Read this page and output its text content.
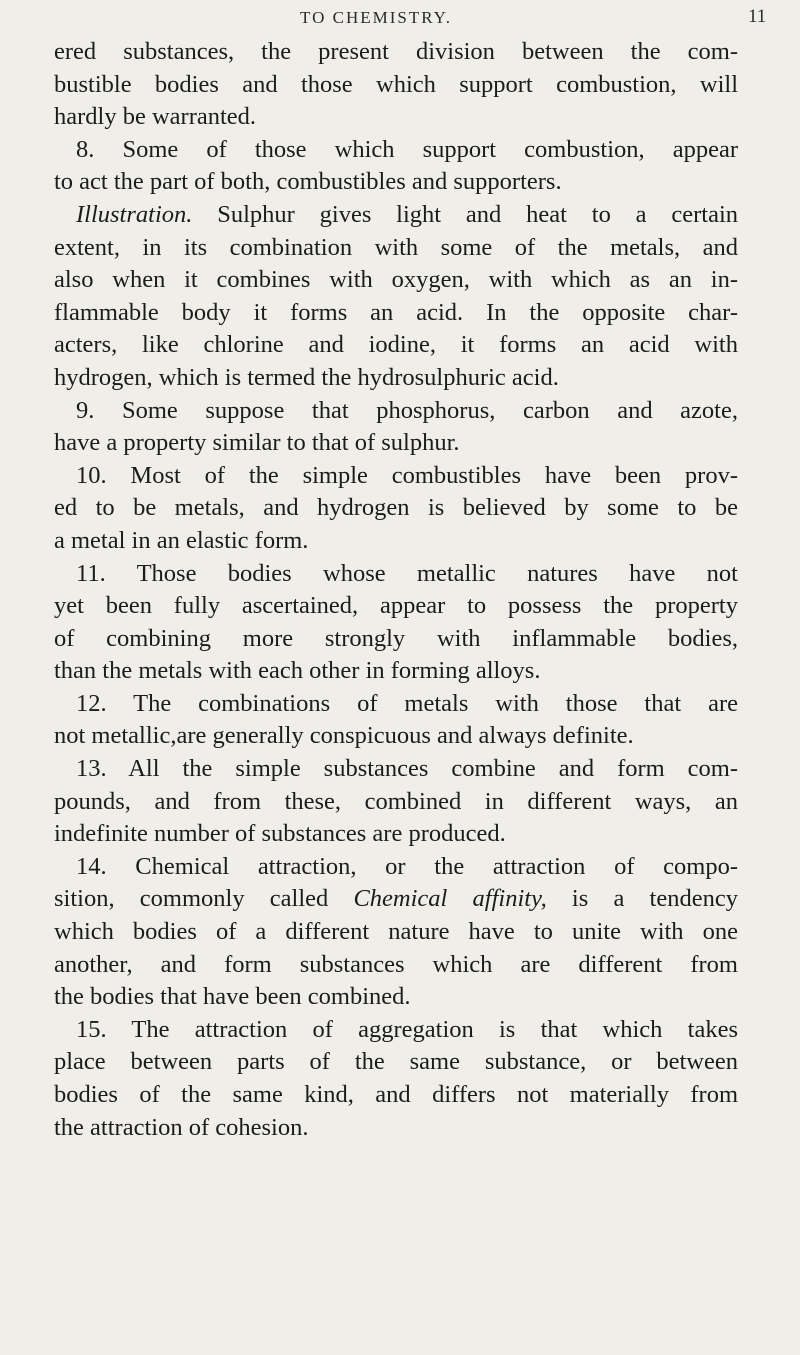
TO CHEMISTRY.	11
ered substances, the present division between the com-
bustible bodies and those which support combustion, will
hardly be warranted.
8. Some of those which support combustion, appear
to act the part of both, combustibles and supporters.
Illustration. Sulphur gives light and heat to a certain
extent, in its combination with some of the metals, and
also when it combines with oxygen, with which as an in-
flammable body it forms an acid. In the opposite char-
acters, like chlorine and iodine, it forms an acid with
hydrogen, which is termed the hydrosulphuric acid.
9. Some suppose that phosphorus, carbon and azote,
have a property similar to that of sulphur.
10. Most of the simple combustibles have been prov-
ed to be metals, and hydrogen is believed by some to be
a metal in an elastic form.
11. Those bodies whose metallic natures have not
yet been fully ascertained, appear to possess the property
of combining more strongly with inflammable bodies,
than the metals with each other in forming alloys.
12. The combinations of metals with those that are
not metallic,are generally conspicuous and always definite.
13. All the simple substances combine and form com-
pounds, and from these, combined in different ways, an
indefinite number of substances are produced.
14. Chemical attraction, or the attraction of compo-
sition, commonly called Chemical affinity, is a tendency
which bodies of a different nature have to unite with one
another, and form substances which are different from
the bodies that have been combined.
15. The attraction of aggregation is that which takes
place between parts of the same substance, or between
bodies of the same kind, and differs not materially from
the attraction of cohesion.
